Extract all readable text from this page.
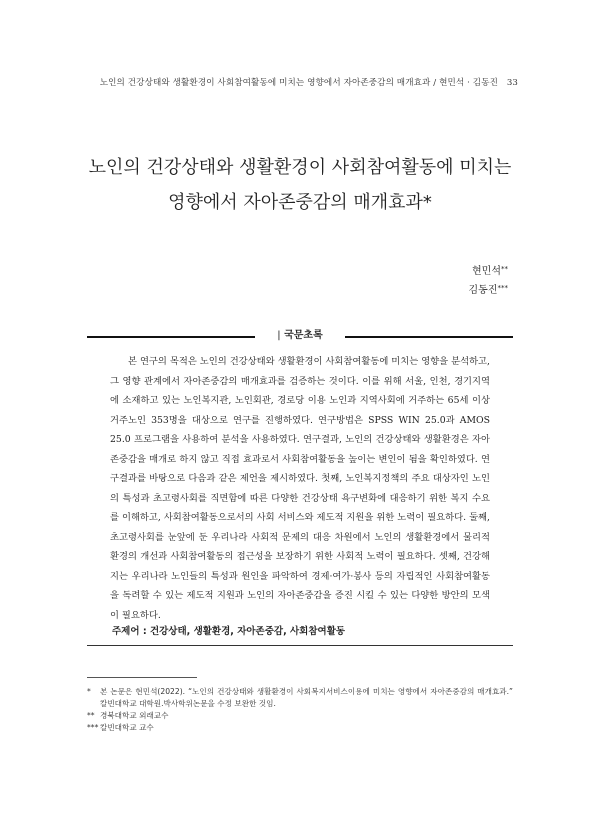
노인의 건강상태와 생활환경이 사회참여활동에 미치는 영향에서 자아존중감의 매개효과 / 현민석 · 김동진 33
노인의 건강상태와 생활환경이 사회참여활동에 미치는
영향에서 자아존중감의 매개효과*
현민석**
김동진***
| 국문초록

본 연구의 목적은 노인의 건강상태와 생활환경이 사회참여활동에 미치는 영향을 분석하고, 그 영향 관계에서 자아존중감의 매개효과를 검증하는 것이다. 이를 위해 서울, 인천, 경기지역에 소재하고 있는 노인복지관, 노인회관, 경로당 이용 노인과 지역사회에 거주하는 65세 이상 거주노인 353명을 대상으로 연구를 진행하였다. 연구방법은 SPSS WIN 25.0과 AMOS 25.0 프로그램을 사용하여 분석을 사용하였다. 연구결과, 노인의 건강상태와 생활환경은 자아존중감을 매개로 하지 않고 직접 효과로서 사회참여활동을 높이는 변인이 됨을 확인하였다. 연구결과를 바탕으로 다음과 같은 제언을 제시하였다. 첫째, 노인복지정책의 주요 대상자인 노인의 특성과 초고령사회를 직면함에 따른 다양한 건강상태 욕구변화에 대응하기 위한 복지 수요를 이해하고, 사회참여활동으로서의 사회 서비스와 제도적 지원을 위한 노력이 필요하다. 둘째, 초고령사회를 눈앞에 둔 우리나라 사회적 문제의 대응 차원에서 노인의 생활환경에서 물리적 환경의 개선과 사회참여활동의 접근성을 보장하기 위한 사회적 노력이 필요하다. 셋째, 건강해지는 우리나라 노인들의 특성과 원인을 파악하여 경제·여가·봉사 등의 자립적인 사회참여활동을 독려할 수 있는 제도적 지원과 노인의 자아존중감을 증진 시킬 수 있는 다양한 방안의 모색이 필요하다.

주제어 : 건강상태, 생활환경, 자아존중감, 사회참여활동
*	본 논문은 현민석(2022). “노인의 건강상태와 생활환경이 사회복지서비스이용에 미치는 영향에서 자아존중감의 매개효과.” 칼빈대학교 대학원.박사학위논문을 수정 보완한 것임.
** 경북대학교 외래교수
*** 칼빈대학교 교수
